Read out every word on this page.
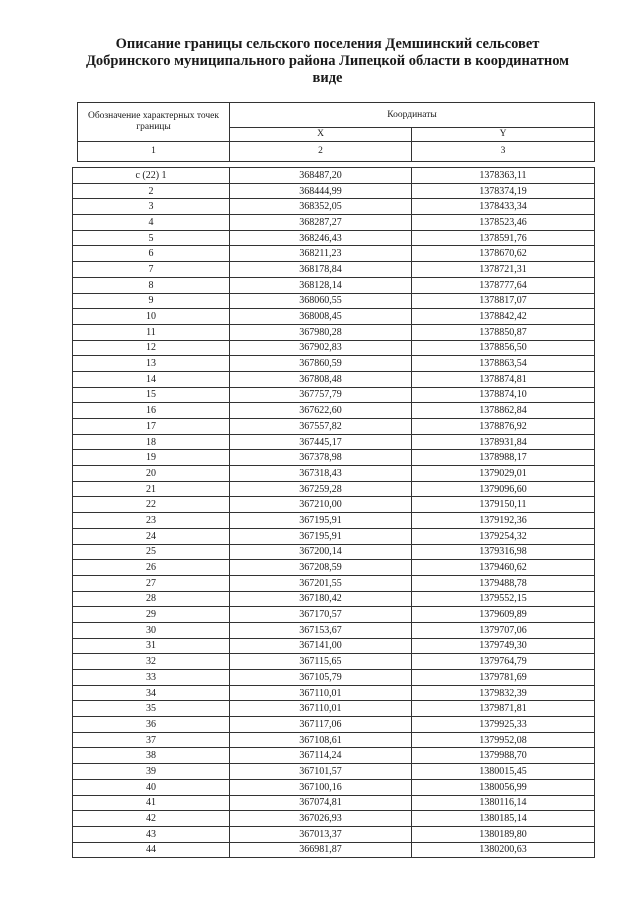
Описание границы сельского поселения Демшинский сельсовет
Добринского муниципального района Липецкой области в координатном
виде
Обозначение характерных точек границы	Координаты	
	X	Y
1	2	3
с (22) 1	368487,20	1378363,11
2	368444,99	1378374,19
3	368352,05	1378433,34
4	368287,27	1378523,46
5	368246,43	1378591,76
6	368211,23	1378670,62
7	368178,84	1378721,31
8	368128,14	1378777,64
9	368060,55	1378817,07
10	368008,45	1378842,42
11	367980,28	1378850,87
12	367902,83	1378856,50
13	367860,59	1378863,54
14	367808,48	1378874,81
15	367757,79	1378874,10
16	367622,60	1378862,84
17	367557,82	1378876,92
18	367445,17	1378931,84
19	367378,98	1378988,17
20	367318,43	1379029,01
21	367259,28	1379096,60
22	367210,00	1379150,11
23	367195,91	1379192,36
24	367195,91	1379254,32
25	367200,14	1379316,98
26	367208,59	1379460,62
27	367201,55	1379488,78
28	367180,42	1379552,15
29	367170,57	1379609,89
30	367153,67	1379707,06
31	367141,00	1379749,30
32	367115,65	1379764,79
33	367105,79	1379781,69
34	367110,01	1379832,39
35	367110,01	1379871,81
36	367117,06	1379925,33
37	367108,61	1379952,08
38	367114,24	1379988,70
39	367101,57	1380015,45
40	367100,16	1380056,99
41	367074,81	1380116,14
42	367026,93	1380185,14
43	367013,37	1380189,80
44	366981,87	1380200,63
